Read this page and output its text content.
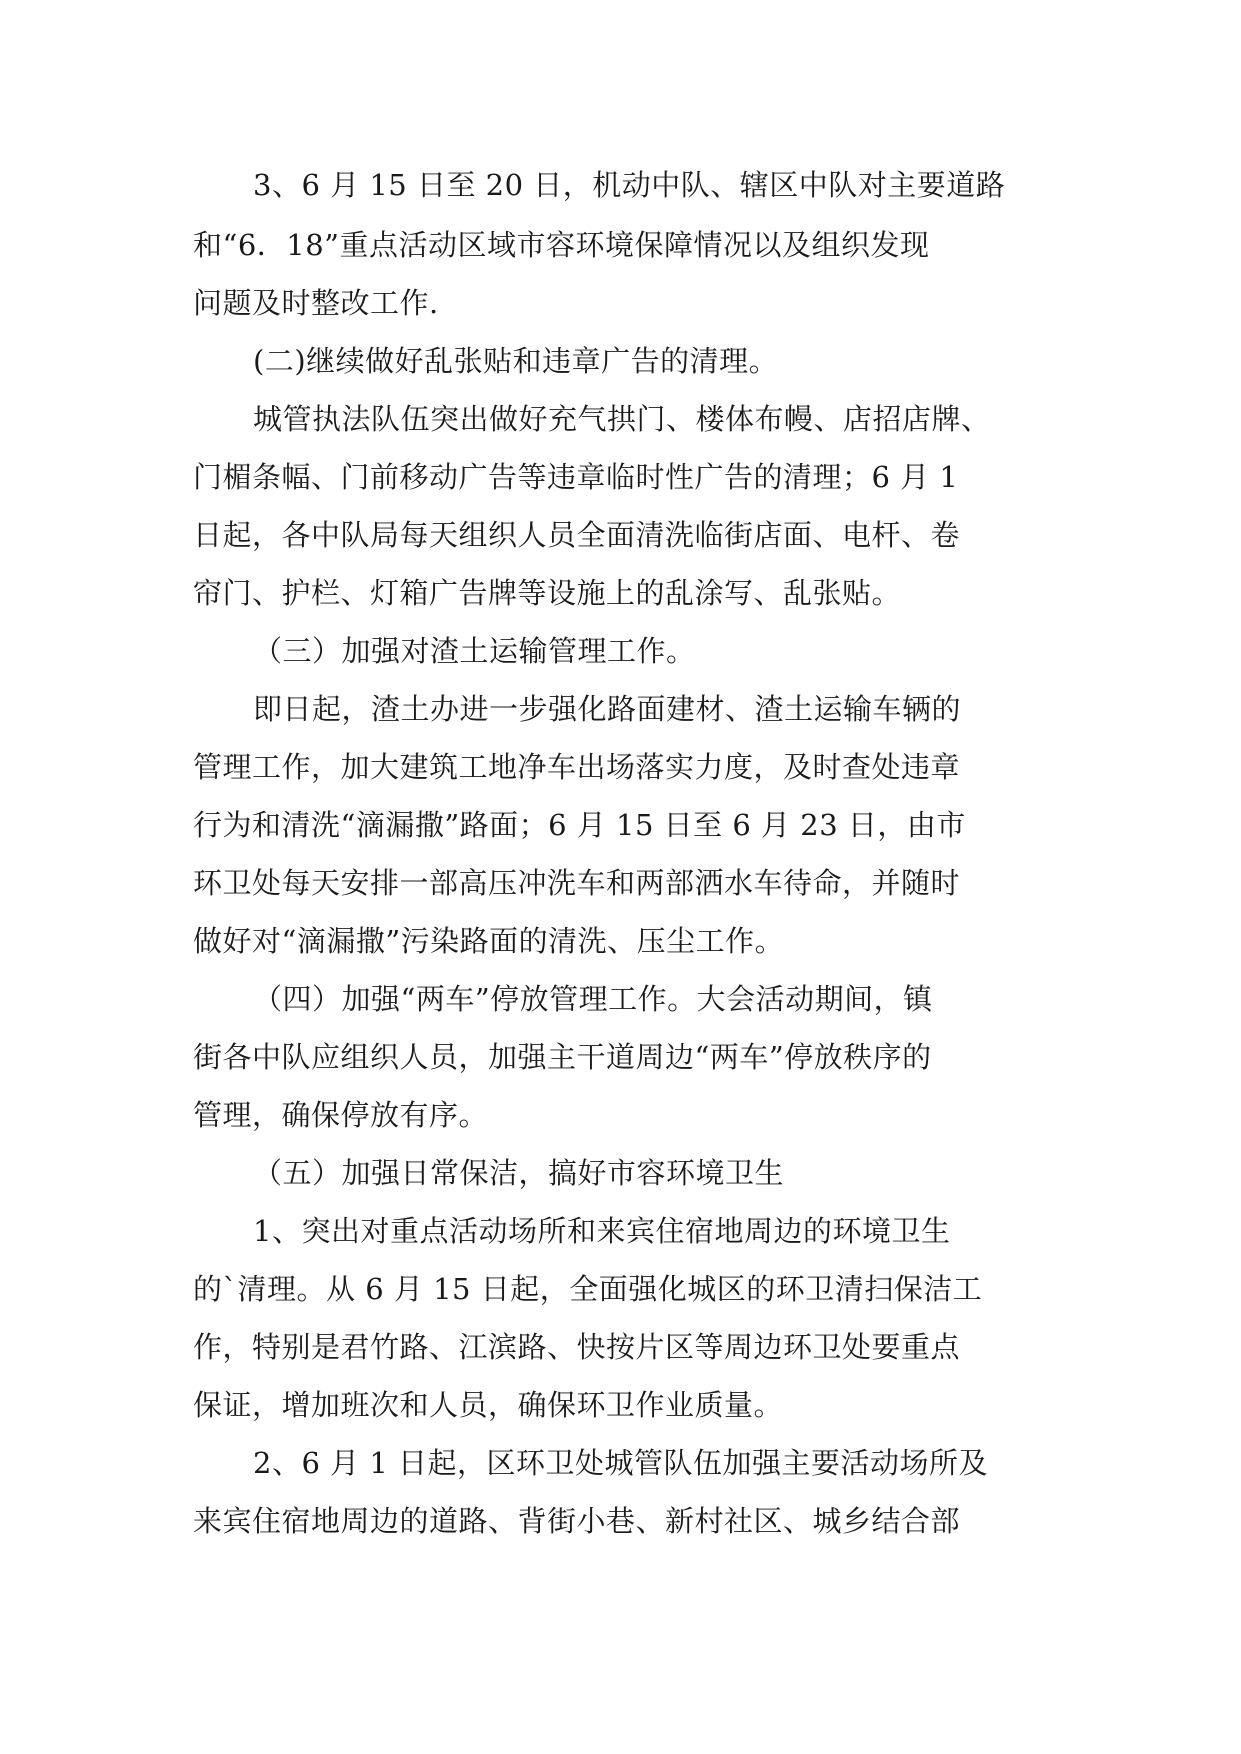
3、6 月 15 日至 20 日，机动中队、辖区中队对主要道路
和“6．18”重点活动区域市容环境保障情况以及组织发现
问题及时整改工作.
(二)继续做好乱张贴和违章广告的清理。
城管执法队伍突出做好充气拱门、楼体布幔、店招店牌、
门楣条幅、门前移动广告等违章临时性广告的清理；6 月 1
日起，各中队局每天组织人员全面清洗临街店面、电杆、卷
帘门、护栏、灯箱广告牌等设施上的乱涂写、乱张贴。
（三）加强对渣土运输管理工作。
即日起，渣土办进一步强化路面建材、渣土运输车辆的
管理工作，加大建筑工地净车出场落实力度，及时查处违章
行为和清洗“滴漏撒”路面；6 月 15 日至 6 月 23 日，由市
环卫处每天安排一部高压冲洗车和两部洒水车待命，并随时
做好对“滴漏撒”污染路面的清洗、压尘工作。
（四）加强“两车”停放管理工作。大会活动期间，镇
街各中队应组织人员，加强主干道周边“两车”停放秩序的
管理，确保停放有序。
（五）加强日常保洁，搞好市容环境卫生
1、突出对重点活动场所和来宾住宿地周边的环境卫生
的`清理。从 6 月 15 日起，全面强化城区的环卫清扫保洁工
作，特别是君竹路、江滨路、快按片区等周边环卫处要重点
保证，增加班次和人员，确保环卫作业质量。
2、6 月 1 日起，区环卫处城管队伍加强主要活动场所及
来宾住宿地周边的道路、背街小巷、新村社区、城乡结合部
